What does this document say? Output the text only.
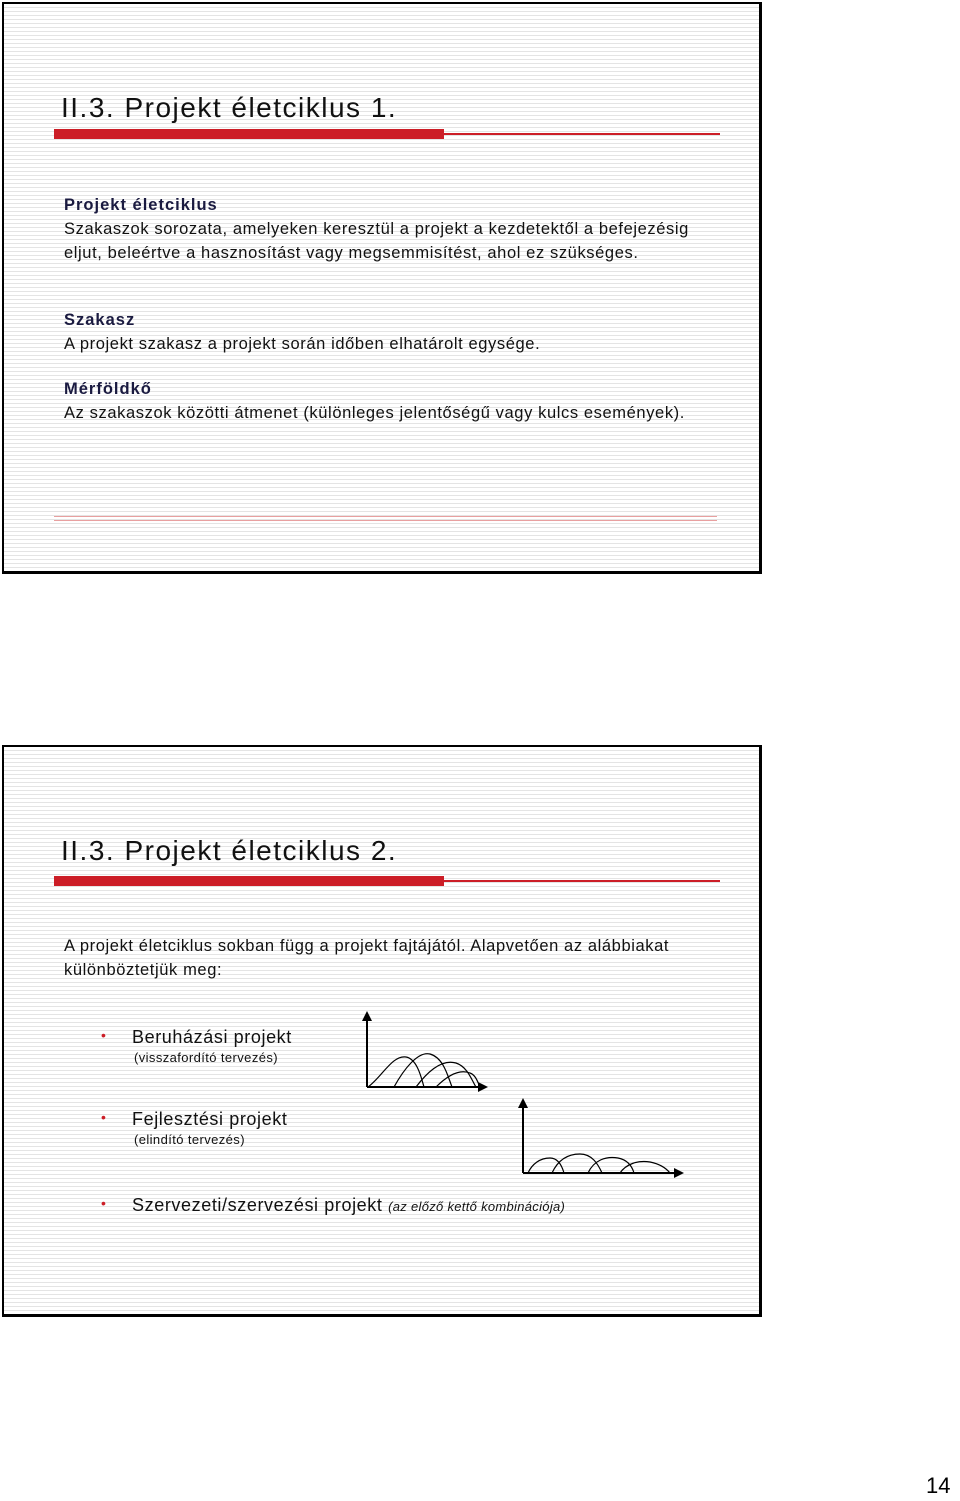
II.3. Projekt életciklus 1.

Projekt életciklus
Szakaszok sorozata, amelyeken keresztül a projekt a kezdetektől a befejezésig eljut, beleértve a hasznosítást vagy megsemmisítést, ahol ez szükséges.

Szakasz
A projekt szakasz a projekt során időben elhatárolt egysége.

Mérföldkő
Az szakaszok közötti átmenet (különleges jelentőségű vagy kulcs események).

II.3. Projekt életciklus 2.

A projekt életciklus sokban függ a projekt fajtájától. Alapvetően az alábbiakat különböztetjük meg:

• Beruházási projekt
(visszafordító tervezés)
• Fejlesztési projekt
(elindító tervezés)
• Szervezeti/szervezési projekt (az előző kettő kombinációja)
14
